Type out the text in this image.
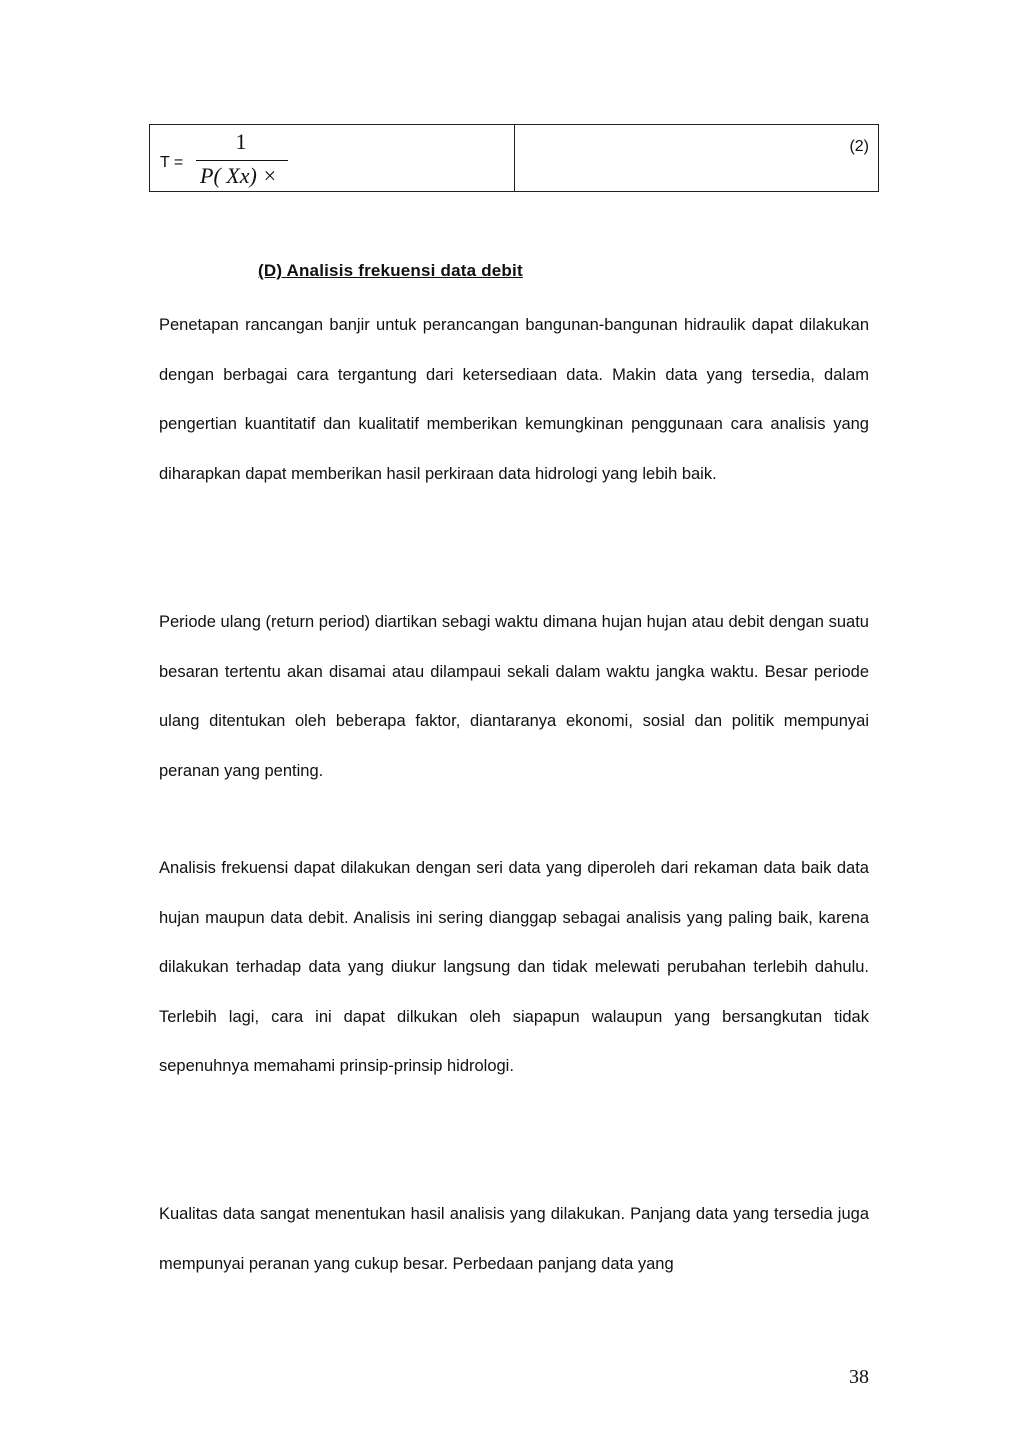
T =
1
P( Xx) ×
(2)
(D) Analisis frekuensi data debit

Penetapan rancangan banjir untuk perancangan bangunan-bangunan hidraulik dapat dilakukan dengan berbagai cara tergantung dari ketersediaan data. Makin data yang tersedia, dalam pengertian kuantitatif dan kualitatif memberikan kemungkinan penggunaan cara analisis yang diharapkan dapat memberikan hasil perkiraan data hidrologi yang lebih baik.

Periode ulang (return period) diartikan sebagi waktu dimana hujan hujan atau debit dengan suatu besaran tertentu akan disamai atau dilampaui sekali dalam waktu jangka waktu. Besar periode ulang ditentukan oleh beberapa faktor, diantaranya ekonomi, sosial dan politik mempunyai peranan yang penting.

Analisis frekuensi dapat dilakukan dengan seri data yang diperoleh dari rekaman data baik data hujan maupun data debit. Analisis ini sering dianggap sebagai analisis yang paling baik, karena dilakukan terhadap data yang diukur langsung dan tidak melewati perubahan terlebih dahulu. Terlebih lagi, cara ini dapat dilkukan oleh siapapun walaupun yang bersangkutan tidak sepenuhnya memahami prinsip-prinsip hidrologi.

Kualitas data sangat menentukan hasil analisis yang dilakukan. Panjang data yang tersedia juga mempunyai peranan yang cukup besar. Perbedaan panjang data yang

38
